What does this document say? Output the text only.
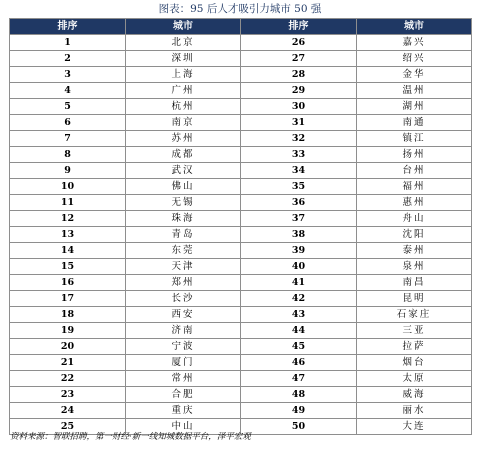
图表：95 后人才吸引力城市 50 强
排序	城市	排序	城市
1	北京	26	嘉兴
2	深圳	27	绍兴
3	上海	28	金华
4	广州	29	温州
5	杭州	30	湖州
6	南京	31	南通
7	苏州	32	镇江
8	成都	33	扬州
9	武汉	34	台州
10	佛山	35	福州
11	无锡	36	惠州
12	珠海	37	舟山
13	青岛	38	沈阳
14	东莞	39	泰州
15	天津	40	泉州
16	郑州	41	南昌
17	长沙	42	昆明
18	西安	43	石家庄
19	济南	44	三亚
20	宁波	45	拉萨
21	厦门	46	烟台
22	常州	47	太原
23	合肥	48	威海
24	重庆	49	丽水
25	中山	50	大连
资料来源：智联招聘，第一财经·新一线知城数据平台，泽平宏观
